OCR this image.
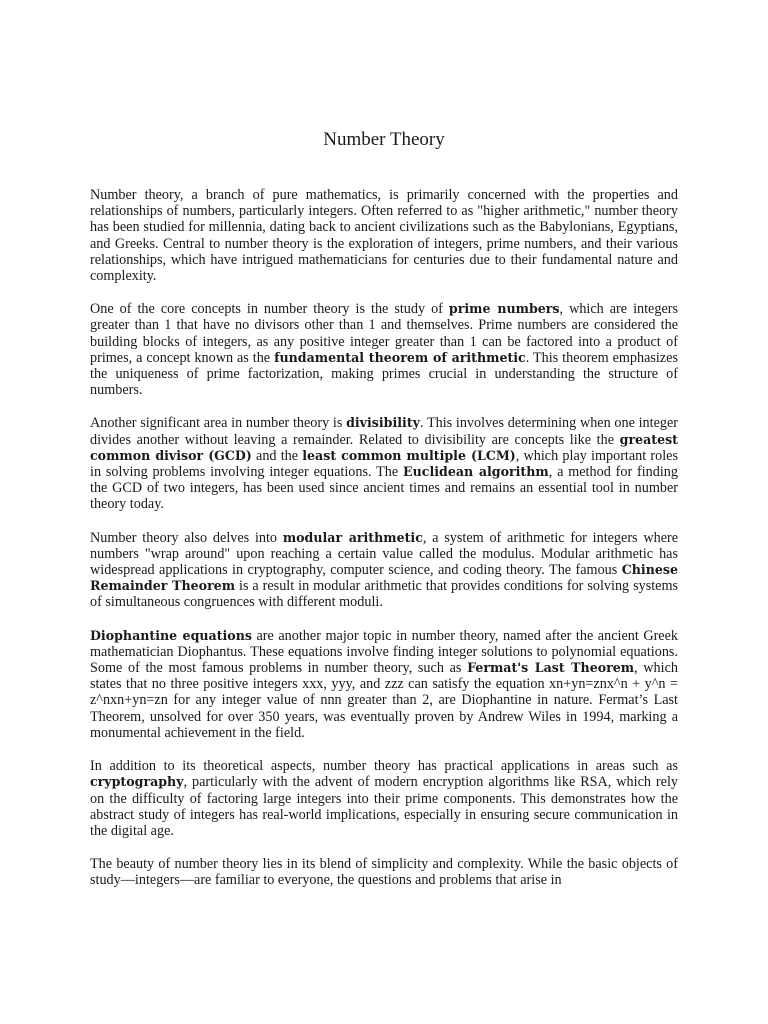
Number Theory

Number theory, a branch of pure mathematics, is primarily concerned with the properties and relationships of numbers, particularly integers. Often referred to as "higher arithmetic," number theory has been studied for millennia, dating back to ancient civilizations such as the Babylonians, Egyptians, and Greeks. Central to number theory is the exploration of integers, prime numbers, and their various relationships, which have intrigued mathematicians for centuries due to their fundamental nature and complexity.

One of the core concepts in number theory is the study of prime numbers, which are integers greater than 1 that have no divisors other than 1 and themselves. Prime numbers are considered the building blocks of integers, as any positive integer greater than 1 can be factored into a product of primes, a concept known as the fundamental theorem of arithmetic. This theorem emphasizes the uniqueness of prime factorization, making primes crucial in understanding the structure of numbers.

Another significant area in number theory is divisibility. This involves determining when one integer divides another without leaving a remainder. Related to divisibility are concepts like the greatest common divisor (GCD) and the least common multiple (LCM), which play important roles in solving problems involving integer equations. The Euclidean algorithm, a method for finding the GCD of two integers, has been used since ancient times and remains an essential tool in number theory today.

Number theory also delves into modular arithmetic, a system of arithmetic for integers where numbers "wrap around" upon reaching a certain value called the modulus. Modular arithmetic has widespread applications in cryptography, computer science, and coding theory. The famous Chinese Remainder Theorem is a result in modular arithmetic that provides conditions for solving systems of simultaneous congruences with different moduli.

Diophantine equations are another major topic in number theory, named after the ancient Greek mathematician Diophantus. These equations involve finding integer solutions to polynomial equations. Some of the most famous problems in number theory, such as Fermat's Last Theorem, which states that no three positive integers xxx, yyy, and zzz can satisfy the equation xn+yn=znx^n + y^n = z^nxn+yn=zn for any integer value of nnn greater than 2, are Diophantine in nature. Fermat’s Last Theorem, unsolved for over 350 years, was eventually proven by Andrew Wiles in 1994, marking a monumental achievement in the field.

In addition to its theoretical aspects, number theory has practical applications in areas such as cryptography, particularly with the advent of modern encryption algorithms like RSA, which rely on the difficulty of factoring large integers into their prime components. This demonstrates how the abstract study of integers has real-world implications, especially in ensuring secure communication in the digital age.

The beauty of number theory lies in its blend of simplicity and complexity. While the basic objects of study—integers—are familiar to everyone, the questions and problems that arise in
